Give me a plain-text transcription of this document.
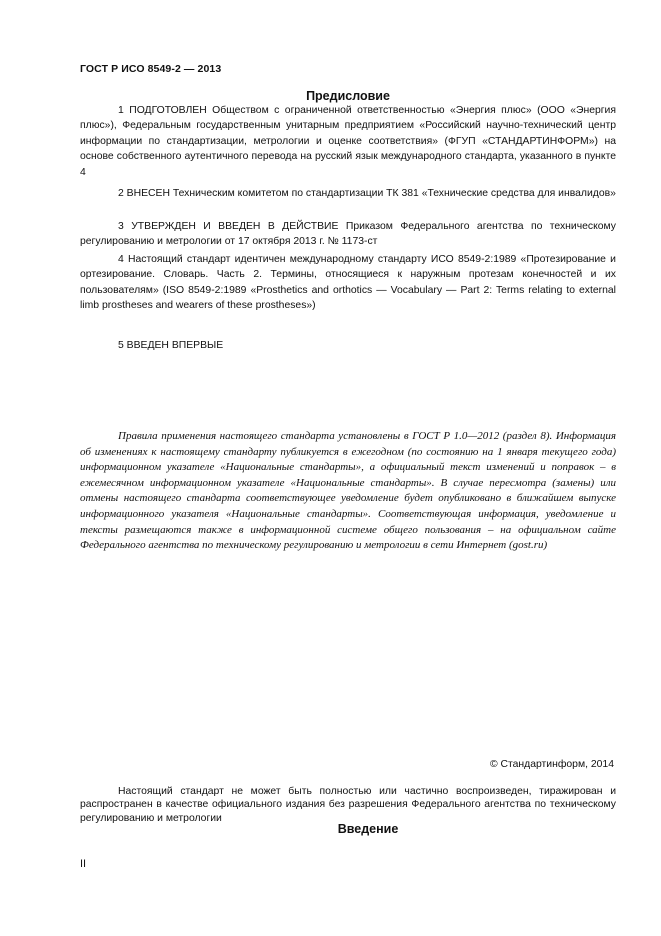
ГОСТ Р ИСО 8549-2 — 2013
Предисловие

1 ПОДГОТОВЛЕН Обществом с ограниченной ответственностью «Энергия плюс» (ООО «Энергия плюс»), Федеральным государственным унитарным предприятием «Российский научно-технический центр информации по стандартизации, метрологии и оценке соответствия» (ФГУП «СТАНДАРТИНФОРМ») на основе собственного аутентичного перевода на русский язык международного стандарта, указанного в пункте 4

2 ВНЕСЕН Техническим комитетом по стандартизации ТК 381 «Технические средства для инвалидов»

3 УТВЕРЖДЕН И ВВЕДЕН В ДЕЙСТВИЕ Приказом Федерального агентства по техническому регулированию и метрологии от 17 октября 2013 г. № 1173-ст

4 Настоящий стандарт идентичен международному стандарту ИСО 8549-2:1989 «Протезирование и ортезирование. Словарь. Часть 2. Термины, относящиеся к наружным протезам конечностей и их пользователям» (ISO 8549-2:1989 «Prosthetics and orthotics — Vocabulary — Part 2: Terms relating to external limb prostheses and wearers of these prostheses»)

5 ВВЕДЕН ВПЕРВЫЕ

Правила применения настоящего стандарта установлены в ГОСТ Р 1.0—2012 (раздел 8). Информация об изменениях к настоящему стандарту публикуется в ежегодном (по состоянию на 1 января текущего года) информационном указателе «Национальные стандарты», а официальный текст изменений и поправок – в ежемесячном информационном указателе «Национальные стандарты». В случае пересмотра (замены) или отмены настоящего стандарта соответствующее уведомление будет опубликовано в ближайшем выпуске информационного указателя «Национальные стандарты». Соответствующая информация, уведомление и тексты размещаются также в информационной системе общего пользования – на официальном сайте Федерального агентства по техническому регулированию и метрологии в сети Интернет (gost.ru)

© Стандартинформ, 2014

Настоящий стандарт не может быть полностью или частично воспроизведен, тиражирован и распространен в качестве официального издания без разрешения Федерального агентства по техническому регулированию и метрологии

Введение
II
